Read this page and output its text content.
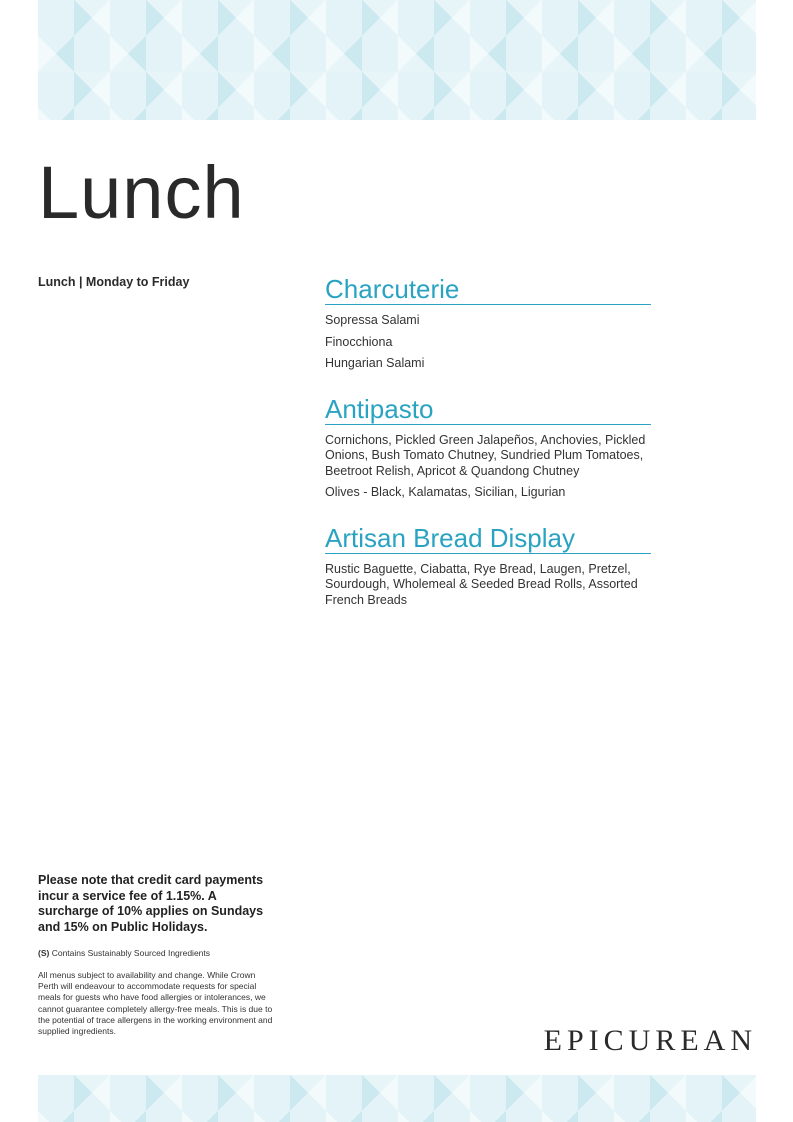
Lunch

Lunch | Monday to Friday	Charcuterie

Sopressa Salami

Finocchiona

Hungarian Salami

Antipasto

Cornichons, Pickled Green Jalapeños, Anchovies, Pickled Onions, Bush Tomato Chutney, Sundried Plum Tomatoes, Beetroot Relish, Apricot & Quandong Chutney

Olives - Black, Kalamatas, Sicilian, Ligurian

Artisan Bread Display

Rustic Baguette, Ciabatta, Rye Bread, Laugen, Pretzel, Sourdough, Wholemeal & Seeded Bread Rolls, Assorted French Breads

Please note that credit card payments incur a service fee of 1.15%. A surcharge of 10% applies on Sundays and 15% on Public Holidays.

(S) Contains Sustainably Sourced Ingredients

All menus subject to availability and change. While Crown Perth will endeavour to accommodate requests for special meals for guests who have food allergies or intolerances, we cannot guarantee completely allergy-free meals. This is due to the potential of trace allergens in the working environment and supplied ingredients.	EPICUREAN
